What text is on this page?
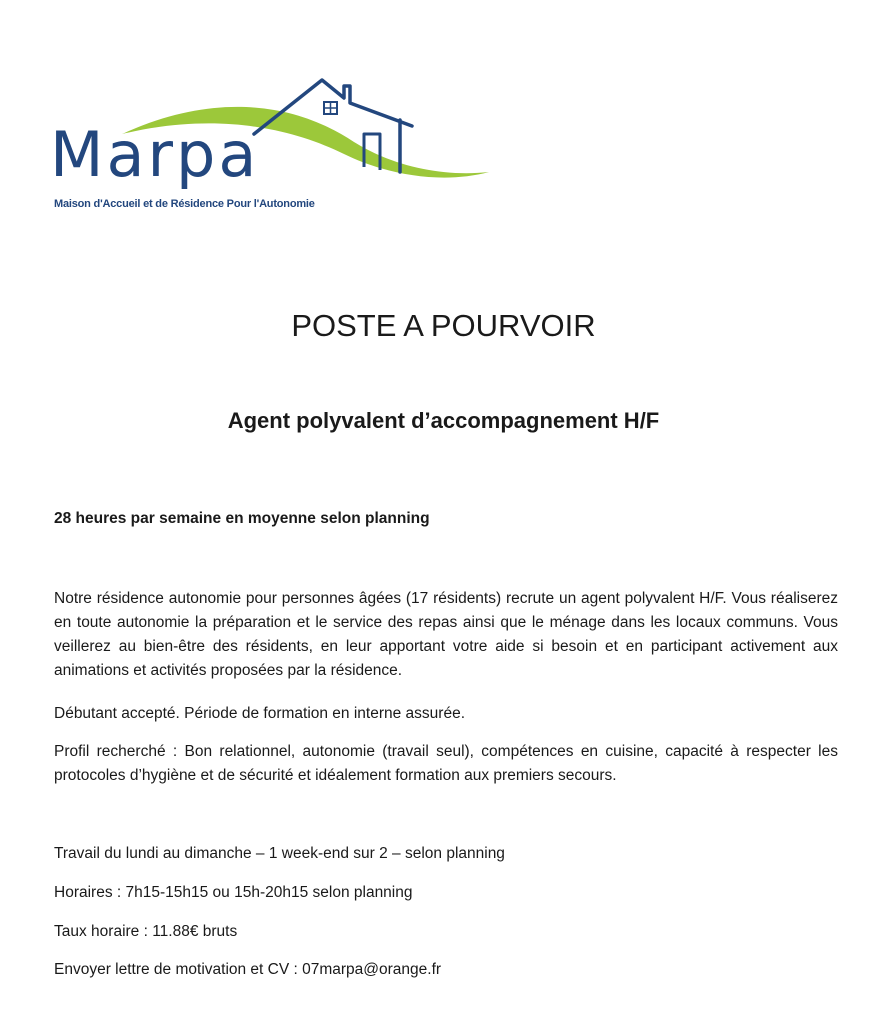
Marpa
Maison d'Accueil et de Résidence Pour l'Autonomie
POSTE A POURVOIR
Agent polyvalent d’accompagnement H/F

28 heures par semaine en moyenne selon planning

Notre résidence autonomie pour personnes âgées (17 résidents) recrute un agent polyvalent H/F. Vous réaliserez en toute autonomie la préparation et le service des repas ainsi que le ménage dans les locaux communs. Vous veillerez au bien-être des résidents, en leur apportant votre aide si besoin et en participant activement aux animations et activités proposées par la résidence.

Débutant accepté. Période de formation en interne assurée.

Profil recherché : Bon relationnel, autonomie (travail seul), compétences en cuisine, capacité à respecter les protocoles d’hygiène et de sécurité et idéalement formation aux premiers secours.

Travail du lundi au dimanche – 1 week-end sur 2 – selon planning

Horaires : 7h15-15h15 ou 15h-20h15 selon planning

Taux horaire : 11.88€ bruts

Envoyer lettre de motivation et CV : 07marpa@orange.fr
